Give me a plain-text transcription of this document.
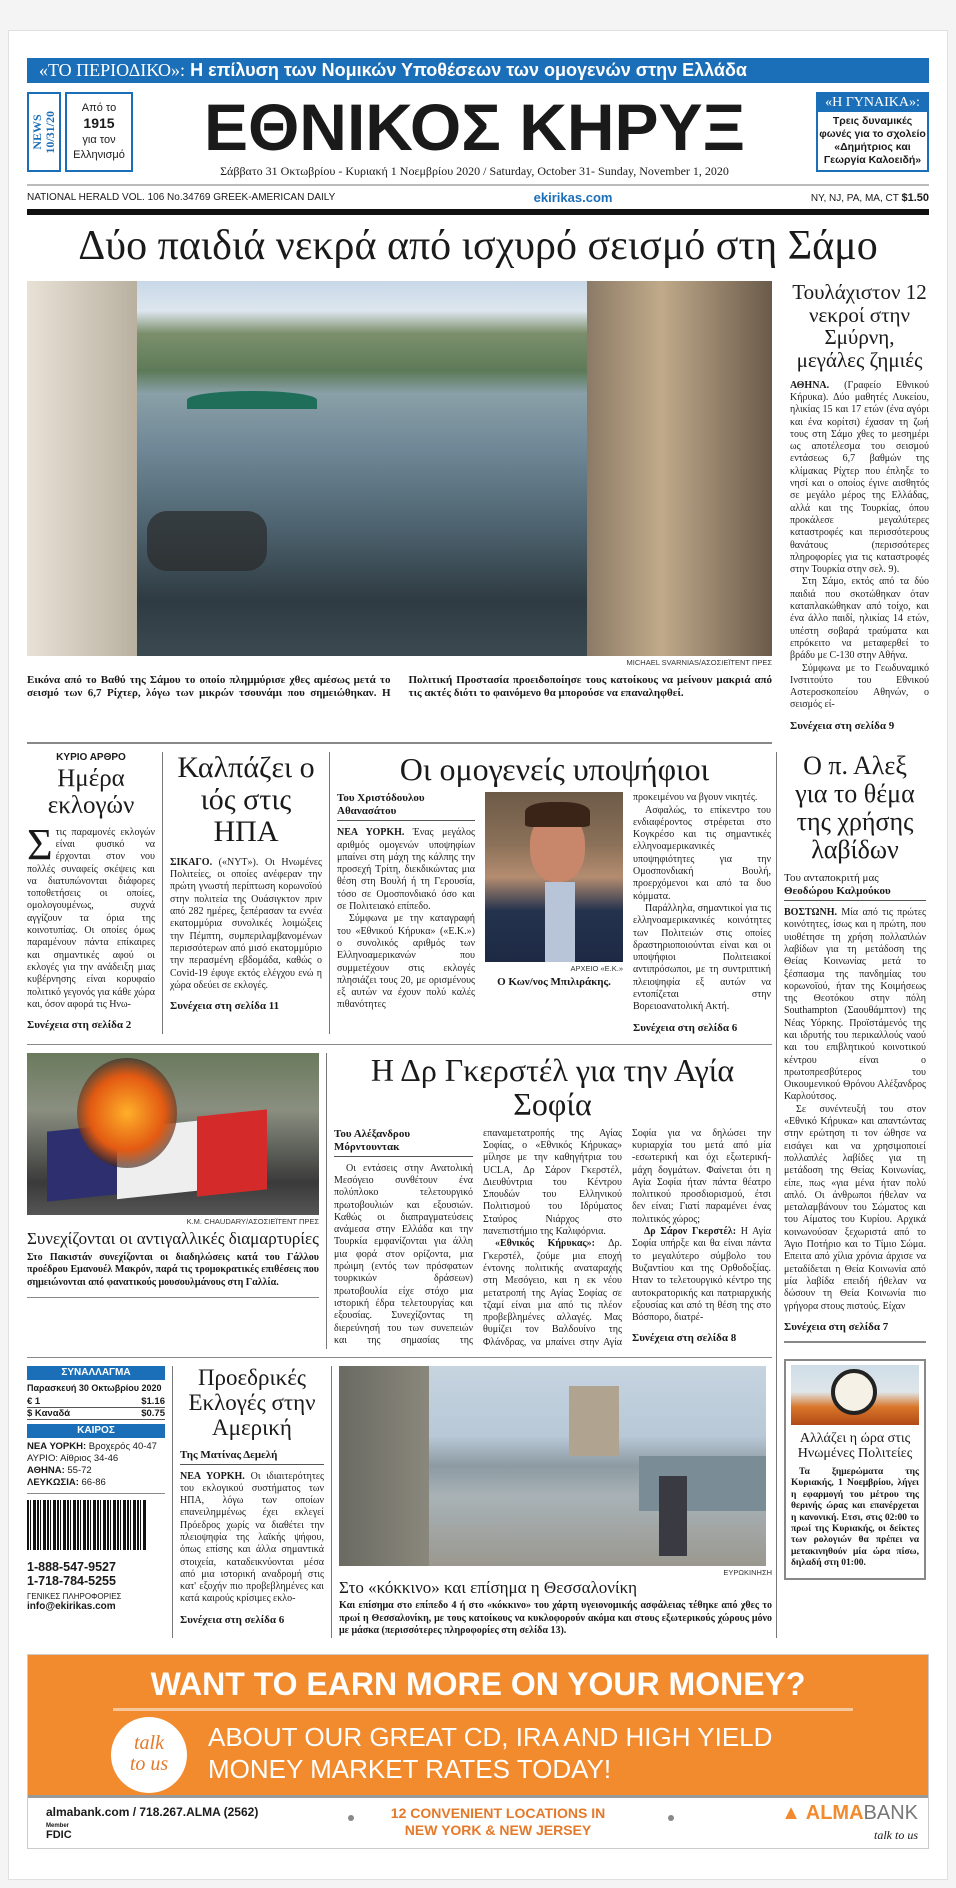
«ΤΟ ΠΕΡΙΟΔΙΚΟ»: Η επίλυση των Νομικών Υποθέσεων των ομογενών στην Ελλάδα
NEWS
10/31/20
Από το
1915
για τον
Ελληνισμό	ΕΘΝΙΚΟΣ ΚΗΡΥΞ
Σάββατο 31 Οκτωβρίου - Κυριακή 1 Νοεμβρίου 2020 / Saturday, October 31- Sunday, November 1, 2020
«Η ΓΥΝΑΙΚΑ»:
Τρεις δυναμικές φωνές για το σχολείο «Δημήτριος και Γεωργία Καλοειδή»
NATIONAL HERALD VOL. 106 No.34769 GREEK-AMERICAN DAILY	ekirikas.com	NY, NJ, PA, MA, CT $1.50
Δύο παιδιά νεκρά από ισχυρό σεισμό στη Σάμο
MICHAEL SVARNIAS/ΑΣΟΣΙΕΪΤΕΝΤ ΠΡΕΣ
Εικόνα από το Βαθύ της Σάμου το οποίο πλημμύρισε χθες αμέσως μετά το σεισμό των 6,7 Ρίχτερ, λόγω των μικρών τσουνάμι που σημειώθηκαν. Η Πολιτική Προστασία προειδοποίησε τους κατοίκους να μείνουν μακριά από τις ακτές διότι το φαινόμενο θα μπορούσε να επαναληφθεί.
Τουλάχιστον 12 νεκροί στην Σμύρνη, μεγάλες ζημιές

ΑΘΗΝΑ. (Γραφείο Εθνικού Κήρυκα). Δύο μαθητές Λυκείου, ηλικίας 15 και 17 ετών (ένα αγόρι και ένα κορίτσι) έχασαν τη ζωή τους στη Σάμο χθες το μεσημέρι ως αποτέλεσμα του σεισμού εντάσεως 6,7 βαθμών της κλίμακας Ρίχτερ που έπληξε το νησί και ο οποίος έγινε αισθητός σε μεγάλο μέρος της Ελλάδας, αλλά και της Τουρκίας, όπου προκάλεσε μεγαλύτερες καταστροφές και περισσότερους θανάτους (περισσότερες πληροφορίες για τις καταστροφές στην Τουρκία στην σελ. 9).

Στη Σάμο, εκτός από τα δύο παιδιά που σκοτώθηκαν όταν καταπλακώθηκαν από τοίχο, και ένα άλλο παιδί, ηλικίας 14 ετών, υπέστη σοβαρά τραύματα και επρόκειτο να μεταφερθεί το βράδυ με C-130 στην Αθήνα.

Σύμφωνα με το Γεωδυναμικό Ινστιτούτο του Εθνικού Αστεροσκοπείου Αθηνών, ο σεισμός εί-

Συνέχεια στη σελίδα 9
ΚΥΡΙΟ ΑΡΘΡΟ
Ημέρα εκλογών
Στις παραμονές εκλογών είναι φυσικό να έρχονται στον νου πολλές συναφείς σκέψεις και να διατυπώνονται διάφορες τοποθετήσεις οι οποίες, ομολογουμένως, συχνά αγγίζουν τα όρια της κοινοτυπίας. Οι οποίες όμως παραμένουν πάντα επίκαιρες και σημαντικές αφού οι εκλογές για την ανάδειξη μιας κυβέρνησης είναι κορυφαίο πολιτικό γεγονός για κάθε χώρα και, όσον αφορά τις Ηνω-
Συνέχεια στη σελίδα 2
Καλπάζει ο ιός στις ΗΠΑ

ΣΙΚΑΓΟ. («NYT»). Οι Ηνωμένες Πολιτείες, οι οποίες ανέφεραν την πρώτη γνωστή περίπτωση κορωνοϊού στην πολιτεία της Ουάσιγκτον πριν από 282 ημέρες, ξεπέρασαν τα εννέα εκατομμύρια συνολικές λοιμώξεις την Πέμπτη, συμπεριλαμβανομένων περισσότερων από μισό εκατομμύριο την περασμένη εβδομάδα, καθώς ο Covid-19 έφυγε εκτός ελέγχου ενώ η χώρα οδεύει σε εκλογές.

Συνέχεια στη σελίδα 11
Οι ομογενείς υποψήφιοι
Του Χριστόδουλου
Αθανασάτου

ΝΕΑ ΥΟΡΚΗ. Ένας μεγάλος αριθμός ομογενών υποψηφίων μπαίνει στη μάχη της κάλπης την προσεχή Τρίτη, διεκδικώντας μια θέση στη Βουλή ή τη Γερουσία, τόσο σε Ομοσπονδιακό όσο και σε Πολιτειακό επίπεδο.

Σύμφωνα με την καταγραφή του «Εθνικού Κήρυκα» («Ε.Κ.») ο συνολικός αριθμός των Ελληνοαμερικανών που συμμετέχουν στις εκλογές πλησιάζει τους 20, με ορισμένους εξ αυτών να έχουν πολύ καλές πιθανότητες

ΑΡΧΕΙΟ «Ε.Κ.»
Ο Κων/νος Μπιλιράκης.

προκειμένου να βγουν νικητές.

Ασφαλώς, το επίκεντρο του ενδιαφέροντος στρέφεται στο Κογκρέσο και τις σημαντικές ελληνοαμερικανικές υποψηφιότητες για την Ομοσπονδιακή Βουλή, προερχόμενοι και από τα δυο κόμματα.

Παράλληλα, σημαντικοί για τις ελληνοαμερικανικές κοινότητες των Πολιτειών στις οποίες δραστηριοποιούνται είναι και οι υποψήφιοι Πολιτειακοί αντιπρόσωποι, με τη συντριπτική πλειοψηφία εξ αυτών να εντοπίζεται στην Βορειοανατολική Ακτή.

Συνέχεια στη σελίδα 6
K.M. CHAUDARY/ΑΣΟΣΙΕΪΤΕΝΤ ΠΡΕΣ
Συνεχίζονται οι αντιγαλλικές διαμαρτυρίες
Στο Πακιστάν συνεχίζονται οι διαδηλώσεις κατά του Γάλλου προέδρου Εμανουέλ Μακρόν, παρά τις τρομοκρατικές επιθέσεις που σημειώνονται από φανατικούς μουσουλμάνους στη Γαλλία.
Η Δρ Γκερστέλ για την Αγία Σοφία
Του Αλέξανδρου
Μόρντουνταк

Οι εντάσεις στην Ανατολική Μεσόγειο συνθέτουν ένα πολύπλοκο τελετουργικό πρωτοβουλιών και εξουσιών. Καθώς οι διαπραγματεύσεις ανάμεσα στην Ελλάδα και την Τουρκία εμφανίζονται για άλλη μια φορά στον ορίζοντα, μια πρώιμη (εντός των πρόσφατων τουρκικών δράσεων) πρωτοβουλία είχε στόχο μια ιστορική έδρα τελετουργίας και εξουσίας. Συνεχίζοντας τη διερεύνησή του των συνεπειών και της σημασίας της επαναμετατροπής της Αγίας Σοφίας, ο «Εθνικός Κήρυκας» μίλησε με την καθηγήτρια του UCLA, Δρ Σάρον Γκερστέλ, Διευθύντρια του Κέντρου Σπουδών του Ελληνικού Πολιτισμού του Ιδρύματος Σταύρος Νιάρχος στο πανεπιστήμιο της Καλιφόρνια.

«Εθνικός Κήρυκας»: Δρ. Γκερστέλ, ζούμε μια εποχή έντονης πολιτικής αναταραχής στη Μεσόγειο, και η εκ νέου μετατροπή της Αγίας Σοφίας σε τζαμί είναι μια από τις πλέον προβεβλημένες αλλαγές. Μας θυμίζει τον Βαλδουίνο της Φλάνδρας, να μπαίνει στην Αγία Σοφία για να δηλώσει την κυριαρχία του μετά από μία -εσωτερική και όχι εξωτερική- μάχη δογμάτων. Φαίνεται ότι η Αγία Σοφία ήταν πάντα θέατρο πολιτικού προσδιορισμού, έτσι δεν είναι; Γιατί παραμένει ένας πολιτικός χώρος;

Δρ Σάρον Γκερστέλ: Η Αγία Σοφία υπήρξε και θα είναι πάντα το μεγαλύτερο σύμβολο του Βυζαντίου και της Ορθοδοξίας. Ηταν το τελετουργικό κέντρο της αυτοκρατορικής και πατριαρχικής εξουσίας και από τη θέση της στο Βόσπορο, διατρέ-

Συνέχεια στη σελίδα 8
ΣΥΝΑΛΛΑΓΜΑ
Παρασκευή 30 Οκτωβρίου 2020
€ 1	$1.16
$ Καναδά	$0.75
ΚΑΙΡΟΣ
ΝΕΑ ΥΟΡΚΗ: Βροχερός 40-47
ΑΥΡΙΟ: Αίθριος 34-46
ΑΘΗΝΑ: 55-72
ΛΕΥΚΩΣΙΑ: 66-86
1-888-547-9527
1-718-784-5255
ΓΕΝΙΚΕΣ ΠΛΗΡΟΦΟΡΙΕΣ
info@ekirikas.com
Προεδρικές Εκλογές στην Αμερική
Της Ματίνας Δεμελή

ΝΕΑ ΥΟΡΚΗ. Οι ιδιαιτερότητες του εκλογικού συστήματος των ΗΠΑ, λόγω των οποίων επανειλημμένως έχει εκλεγεί Πρόεδρος χωρίς να διαθέτει την πλειοψηφία της λαϊκής ψήφου, όπως επίσης και άλλα σημαντικά στοιχεία, καταδεικνύονται μέσα από μια ιστορική αναδρομή στις κατ' εξοχήν πιο προβεβλημένες και κατά καιρούς κρίσιμες εκλο-

Συνέχεια στη σελίδα 6
ΕΥΡΩΚΙΝΗΣΗ
Στο «κόκκινο» και επίσημα η Θεσσαλονίκη
Και επίσημα στο επίπεδο 4 ή στο «κόκκινο» του χάρτη υγειονομικής ασφάλειας τέθηκε από χθες το πρωί η Θεσσαλονίκη, με τους κατοίκους να κυκλοφορούν ακόμα και στους εξωτερικούς χώρους μόνο με μάσκα (περισσότερες πληροφορίες στη σελίδα 13).
Ο π. Αλεξ για το θέμα της χρήσης λαβίδων
Του ανταποκριτή μας
Θεοδώρου Καλμούκου

ΒΟΣΤΩΝΗ. Μία από τις πρώτες κοινότητες, ίσως και η πρώτη, που υιοθέτησε τη χρήση πολλαπλών λαβίδων για τη μετάδοση της Θείας Κοινωνίας μετά το ξέσπασμα της πανδημίας του κορωνοϊού, ήταν της Κοιμήσεως της Θεοτόκου στην πόλη Southampton (Σαουθάμπτον) της Νέας Υόρκης. Προϊστάμενός της και ιδρυτής του περικαλλούς ναού και του επιβλητικού κοινοτικού κέντρου είναι ο πρωτοπρεσβύτερος του Οικουμενικού Θρόνου Αλέξανδρος Καρλούτσος.

Σε συνέντευξή του στον «Εθνικό Κήρυκα» και απαντώντας στην ερώτηση τι τον ώθησε να εισάγει και να χρησιμοποιεί πολλαπλές λαβίδες για τη μετάδοση της Θείας Κοινωνίας, είπε, πως «για μένα ήταν πολύ απλό. Οι άνθρωποι ήθελαν να μεταλαμβάνουν του Σώματος και του Αίματος του Κυρίου. Αρχικά κοινωνούσαν ξεχωριστά από το Άγιο Ποτήριο και το Τίμιο Σώμα. Επειτα από χίλια χρόνια άρχισε να μεταδίδεται η Θεία Κοινωνία από μία λαβίδα επειδή ήθελαν να δώσουν τη Θεία Κοινωνία πιο γρήγορα στους πιστούς. Είχαν

Συνέχεια στη σελίδα 7
Αλλάζει η ώρα στις Ηνωμένες Πολιτείες
Τα ξημερώματα της Κυριακής, 1 Νοεμβρίου, λήγει η εφαρμογή του μέτρου της θερινής ώρας και επανέρχεται η κανονική. Ετσι, στις 02:00 το πρωί της Κυριακής, οι δείκτες των ρολογιών θα πρέπει να μετακινηθούν μία ώρα πίσω, δηλαδή στη 01:00.
WANT TO EARN MORE ON YOUR MONEY?
talk
to us
ABOUT OUR GREAT CD, IRA AND HIGH YIELD
MONEY MARKET RATES TODAY!
almabank.com / 718.267.ALMA (2562)
Member
FDIC
12 CONVENIENT LOCATIONS IN
NEW YORK & NEW JERSEY
▲ ALMABANK
talk to us
